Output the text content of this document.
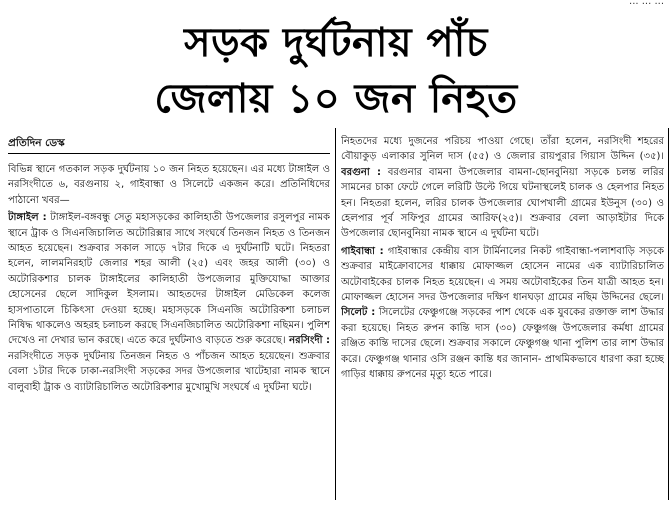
... ... ...
সড়ক দুর্ঘটনায় পাঁচ
জেলায় ১০ জন নিহত
প্রতিদিন ডেস্ক

বিভিন্ন স্থানে গতকাল সড়ক দুর্ঘটনায় ১০ জন নিহত হয়েছেন। এর মধ্যে টাঙ্গাইল ও নরসিংদীতে ৬, বরগুনায় ২, গাইবান্ধা ও সিলেটে একজন করে। প্রতিনিধিদের পাঠানো খবর—

টাঙ্গাইল : টাঙ্গাইল-বঙ্গবন্ধু সেতু মহাসড়কের কালিহাতী উপজেলার রসুলপুর নামক স্থানে ট্রাক ও সিএনজিচালিত অটোরিক্সার সাথে সংঘর্ষে তিনজন নিহত ও তিনজন আহত হয়েছেন। শুক্রবার সকাল সাড়ে ৭টার দিকে এ দুর্ঘটনাটি ঘটে। নিহতরা হলেন, লালমনিরহাট জেলার শহর আলী (২৫) এবং জহর আলী (৩০) ও অটোরিকশার চালক টাঙ্গাইলের কালিহাতী উপজেলার মুক্তিযোদ্ধা আক্তার হোসেনের ছেলে সাদিকুল ইসলাম। আহতদের টাঙ্গাইল মেডিকেল কলেজ হাসপাতালে চিকিৎসা দেওয়া হচ্ছে। মহাসড়কে সিএনজি অটোরিকশা চলাচল নিষিদ্ধ থাকলেও অহরহ চলাচল করছে সিএনজিচালিত অটোরিকশা নছিমন। পুলিশ দেখেও না দেখার ভান করছে। এতে করে দুর্ঘটনাও বাড়তে শুরু করেছে। নরসিংদী : নরসিংদীতে সড়ক দুর্ঘটনায় তিনজন নিহত ও পাঁচজন আহত হয়েছেন। শুক্রবার বেলা ১টার দিকে ঢাকা-নরসিংদী সড়কের সদর উপজেলার খাটেহারা নামক স্থানে বালুবাহী ট্রাক ও ব্যাটারিচালিত অটোরিকশার মুখোমুখি সংঘর্ষে এ দুর্ঘটনা ঘটে।

নিহতদের মধ্যে দুজনের পরিচয় পাওয়া গেছে। তাঁরা হলেন, নরসিংদী শহরের বৌয়াকুড় এলাকার সুনিল দাস (৫৫) ও জেলার রায়পুরার গিয়াস উদ্দিন (৩৫)। বরগুনা : বরগুনার বামনা উপজেলার বামনা-ছোনবুনিয়া সড়কে চলন্ত লরির সামনের চাকা ফেটে গেলে লরিটি উল্টে গিয়ে ঘটনাস্থলেই চালক ও হেলপার নিহত হন। নিহতরা হলেন, লরির চালক উপজেলার ঘোপখালী গ্রামের ইউনুস (৩০) ও হেলপার পূর্ব সফিপুর গ্রামের আরিফ(২৫)। শুক্রবার বেলা আড়াইটার দিকে উপজেলার ছোনবুনিয়া নামক স্থানে এ দুর্ঘটনা ঘটে।

গাইবান্ধা : গাইবান্ধার কেন্দ্রীয় বাস টার্মিনালের নিকট গাইবান্ধা-পলাশবাড়ি সড়কে শুক্রবার মাইক্রোবাসের ধাক্কায় মোফাজ্জল হোসেন নামের এক ব্যাটারিচালিত অটোবাইকের চালক নিহত হয়েছেন। এ সময় অটোবাইকের তিন যাত্রী আহত হন। মোফাজ্জল হোসেন সদর উপজেলার দক্ষিণ ধানঘড়া গ্রামের নছিম উদ্দিনের ছেলে। সিলেট : সিলেটের ফেঞ্চুগঞ্জে সড়কের পাশ থেকে এক যুবকের রক্তাক্ত লাশ উদ্ধার করা হয়েছে। নিহত রুপন কান্তি দাস (৩০) ফেঞ্চুগঞ্জ উপজেলার কর্মধা গ্রামের রঞ্জিত কান্তি দাসের ছেলে। শুক্রবার সকালে ফেঞ্চুগঞ্জ থানা পুলিশ তার লাশ উদ্ধার করে। ফেঞ্চুগঞ্জ থানার ওসি রঞ্জন কান্তি ধর জানান- প্রাথমিকভাবে ধারণা করা হচ্ছে গাড়ির ধাক্কায় রুপনের মৃত্যু হতে পারে।
